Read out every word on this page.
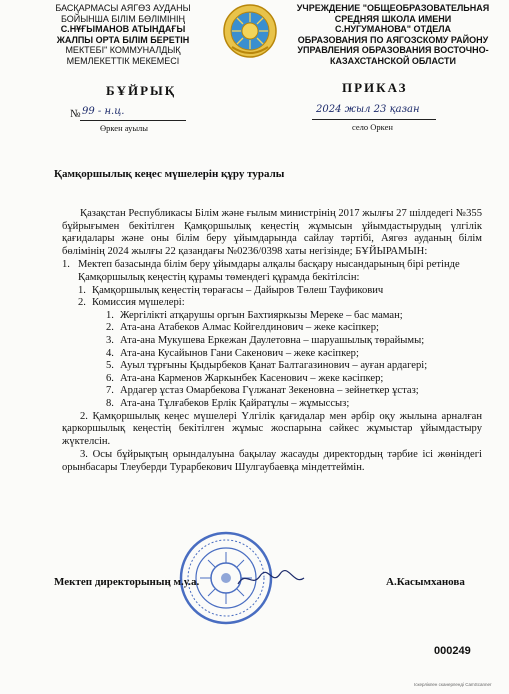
БАСҚАРМАСЫ АЯГӨЗ АУДАНЫ
БОЙЫНША БІЛІМ БӨЛІМІНІҢ
С.НҰҒЫМАНОВ АТЫНДАҒЫ
ЖАЛПЫ ОРТА БІЛІМ БЕРЕТІН
МЕКТЕБІ" КОММУНАЛДЫҚ
МЕМЛЕКЕТТІК МЕКЕМЕСІ
УЧРЕЖДЕНИЕ "ОБЩЕОБРАЗОВАТЕЛЬНАЯ
СРЕДНЯЯ ШКОЛА ИМЕНИ
С.НУГУМАНОВА" ОТДЕЛА
ОБРАЗОВАНИЯ ПО АЯГОЗСКОМУ РАЙОНУ
УПРАВЛЕНИЯ ОБРАЗОВАНИЯ ВОСТОЧНО-
КАЗАХСТАНСКОЙ ОБЛАСТИ
БҰЙРЫҚ	ПРИКАЗ
№ 99 - н.ц.
Өркен ауылы
2024 жыл 23 қазан
село Оркен
Қамқоршылық кеңес мүшелерін құру туралы

Қазақстан Республикасы Білім және ғылым министрінің 2017 жылғы 27 шілдедегі №355 бұйрығымен бекітілген Қамқоршылық кеңестің жұмысын ұйымдастырудың үлгілік қағидалары және оны білім беру ұйымдарында сайлау тәртібі, Аягөз ауданың білім бөлімінің 2024 жылғы 22 қазандағы №0236/0398 хаты негізінде; БҰЙЫРАМЫН:

1. Мектеп базасында білім беру ұйымдары алқалы басқару нысандарының бірі ретінде Қамқоршылық кеңестің құрамы төмендегі құрамда бекітілсін:
1. Қамқоршылық кеңестің төрағасы – Дайыров Төлеш Тауфикович
2. Комиссия мүшелері:
1. Жергілікті атқарушы оргын Бахтияркызы Мереке – бас маман;
2. Ата-ана Атабеков Алмас Койгелдинович – жеке кәсіпкер;
3. Ата-ана Мукушева Еркежан Даулетовна – шаруашылық төрайымы;
4. Ата-ана Кусайынов Гани Сакенович – жеке кәсіпкер;
5. Ауыл тұрғыны Қыдырбеков Қанат Балтагазинович – ауған ардагері;
6. Ата-ана Карменов Жаркынбек Касенович – жеке кәсіпкер;
7. Ардагер ұстаз Омарбекова Гүлжанат Зекеновна – зейнеткер ұстаз;
8. Ата-ана Тұлғабеков Ерлік Қайратұлы – жұмыссыз;

2. Қамқоршылық кеңес мүшелері Үлгілік қағидалар мен әрбір оқу жылына арналған қаркоршылық кеңестің бекітілген жұмыс жоспарына сәйкес жұмыстар ұйымдастыру жүктелсін.

3. Осы бұйрықтың орындалуына бақылау жасауды директордың тәрбие ісі жөніндегі орынбасары Тлеуберди Турарбекович Шулгаубаевқа міндеттеймін.

Мектеп директорының м.у.а.	А.Касымханова
000249
Іскерлікпен сканерленді CamScanner
